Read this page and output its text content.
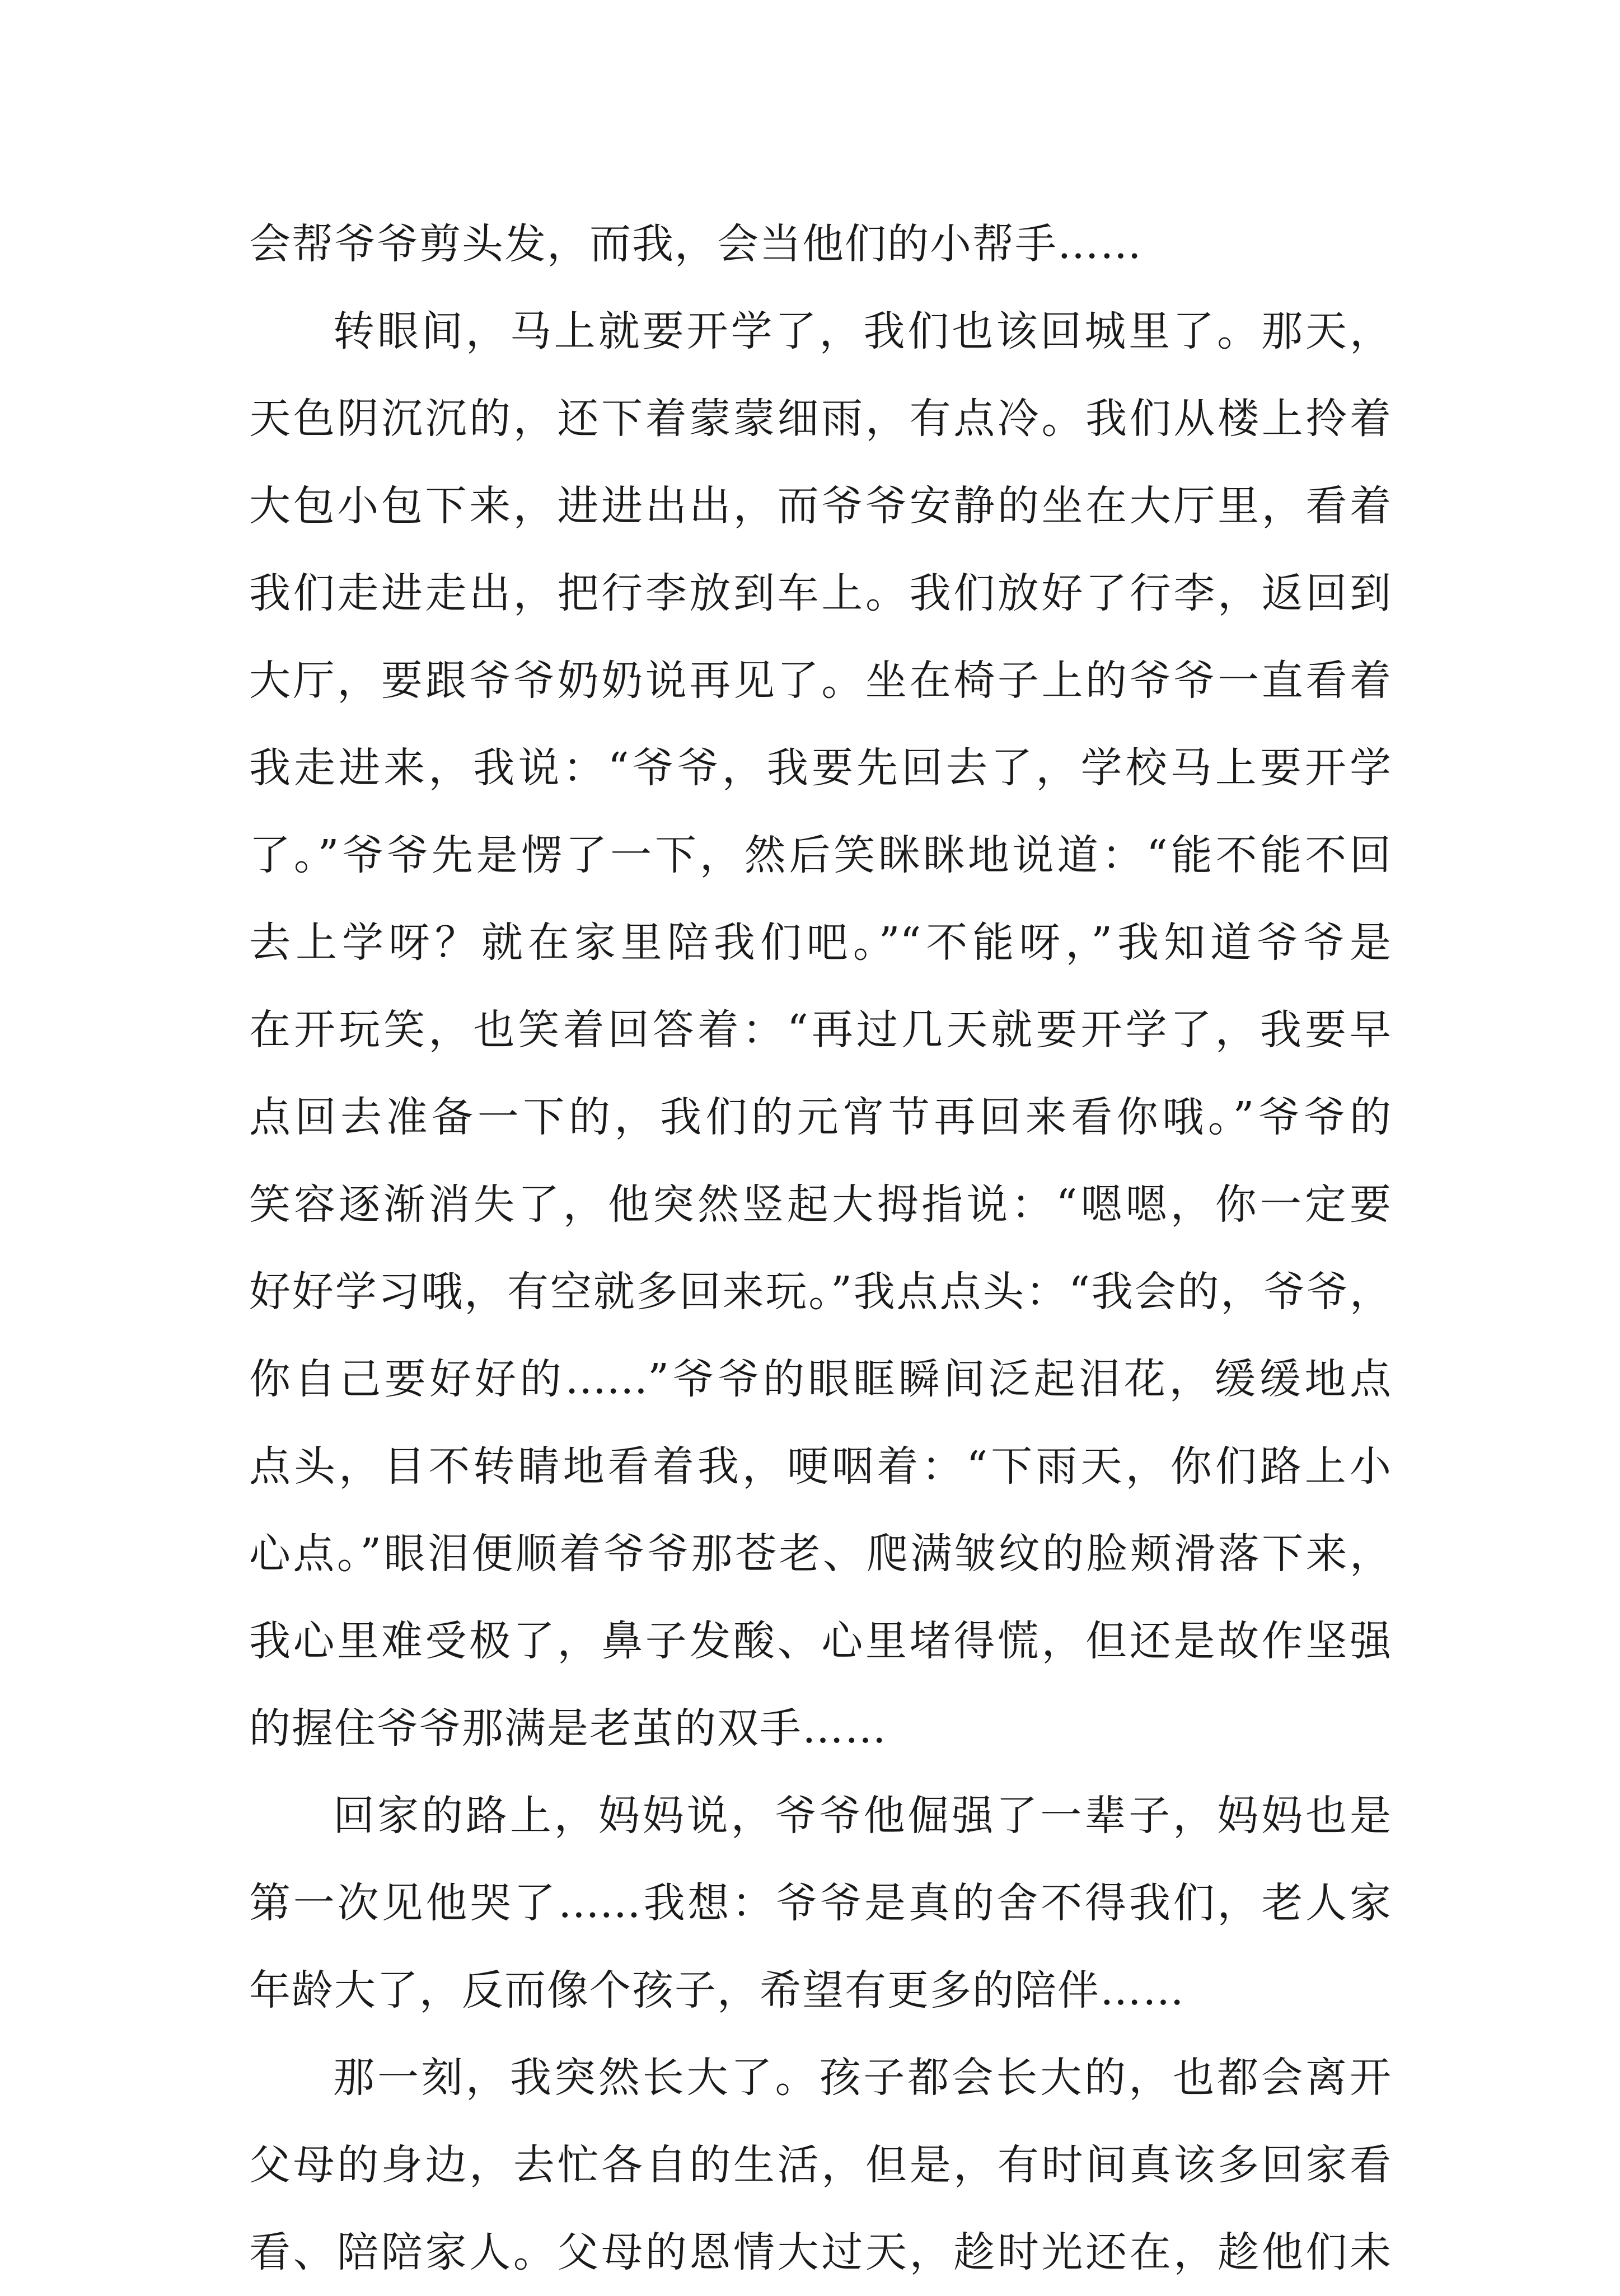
会帮爷爷剪头发，而我，会当他们的小帮手……
转眼间，马上就要开学了，我们也该回城里了。那天，
天色阴沉沉的，还下着蒙蒙细雨，有点冷。我们从楼上拎着
大包小包下来，进进出出，而爷爷安静的坐在大厅里，看着
我们走进走出，把行李放到车上。我们放好了行李，返回到
大厅，要跟爷爷奶奶说再见了。坐在椅子上的爷爷一直看着
我走进来，我说：“爷爷，我要先回去了，学校马上要开学
了。”爷爷先是愣了一下，然后笑眯眯地说道：“能不能不回
去上学呀？就在家里陪我们吧。”“不能呀，”我知道爷爷是
在开玩笑，也笑着回答着：“再过几天就要开学了，我要早
点回去准备一下的，我们的元宵节再回来看你哦。”爷爷的
笑容逐渐消失了，他突然竖起大拇指说：“嗯嗯，你一定要
好好学习哦，有空就多回来玩。”我点点头：“我会的，爷爷，
你自己要好好的……”爷爷的眼眶瞬间泛起泪花，缓缓地点
点头，目不转睛地看着我，哽咽着：“下雨天，你们路上小
心点。”眼泪便顺着爷爷那苍老、爬满皱纹的脸颊滑落下来，
我心里难受极了，鼻子发酸、心里堵得慌，但还是故作坚强
的握住爷爷那满是老茧的双手……
回家的路上，妈妈说，爷爷他倔强了一辈子，妈妈也是
第一次见他哭了……我想：爷爷是真的舍不得我们，老人家
年龄大了，反而像个孩子，希望有更多的陪伴……
那一刻，我突然长大了。孩子都会长大的，也都会离开
父母的身边，去忙各自的生活，但是，有时间真该多回家看
看、陪陪家人。父母的恩情大过天，趁时光还在，趁他们未
